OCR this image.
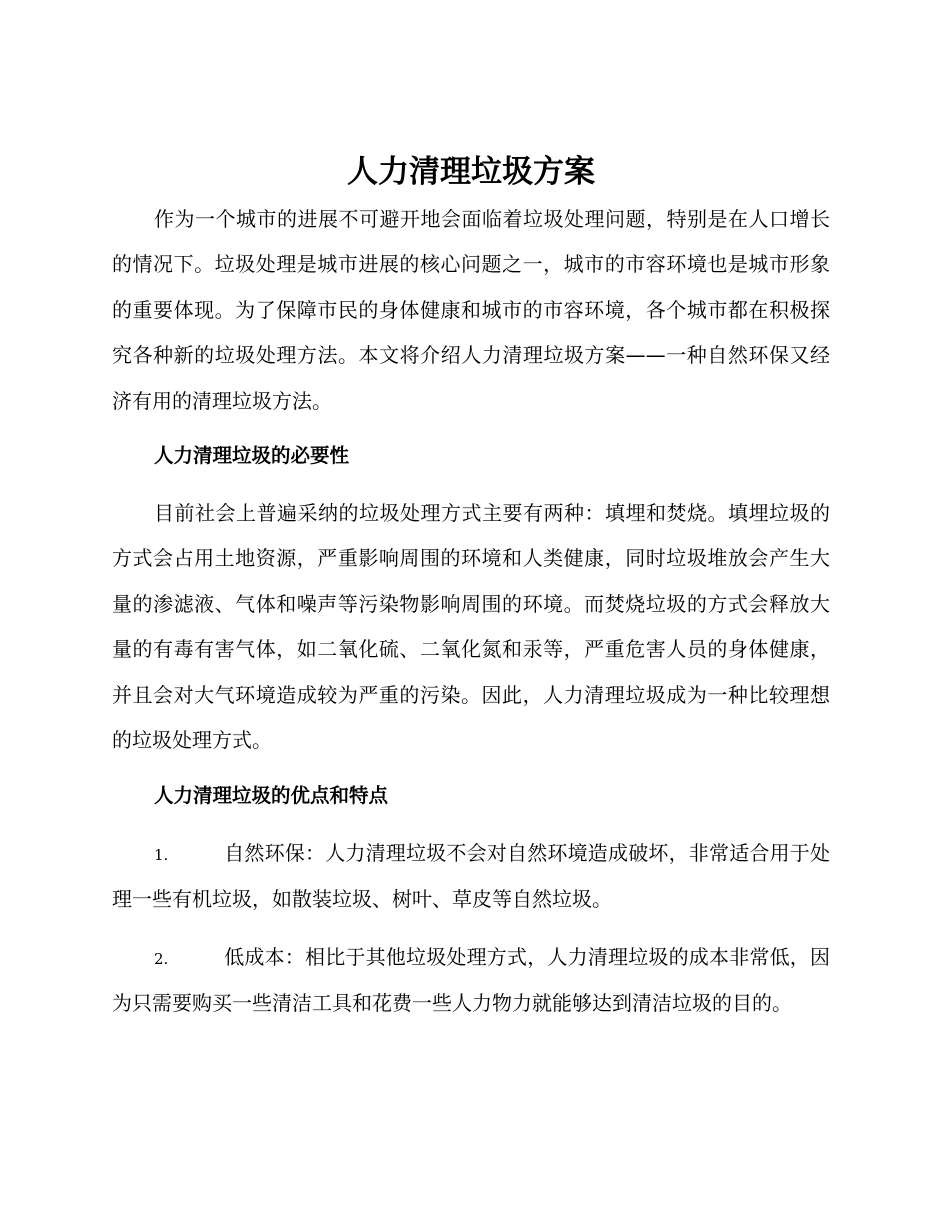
人力清理垃圾方案

作为一个城市的进展不可避开地会面临着垃圾处理问题，特别是在人口增长的情况下。垃圾处理是城市进展的核心问题之一，城市的市容环境也是城市形象的重要体现。为了保障市民的身体健康和城市的市容环境，各个城市都在积极探究各种新的垃圾处理方法。本文将介绍人力清理垃圾方案——一种自然环保又经济有用的清理垃圾方法。

人力清理垃圾的必要性

目前社会上普遍采纳的垃圾处理方式主要有两种：填埋和焚烧。填埋垃圾的方式会占用土地资源，严重影响周围的环境和人类健康，同时垃圾堆放会产生大量的渗滤液、气体和噪声等污染物影响周围的环境。而焚烧垃圾的方式会释放大量的有毒有害气体，如二氧化硫、二氧化氮和汞等，严重危害人员的身体健康，并且会对大气环境造成较为严重的污染。因此，人力清理垃圾成为一种比较理想的垃圾处理方式。

人力清理垃圾的优点和特点

1.	自然环保：人力清理垃圾不会对自然环境造成破坏，非常适合用于处理一些有机垃圾，如散装垃圾、树叶、草皮等自然垃圾。

2.	低成本：相比于其他垃圾处理方式，人力清理垃圾的成本非常低，因为只需要购买一些清洁工具和花费一些人力物力就能够达到清洁垃圾的目的。
